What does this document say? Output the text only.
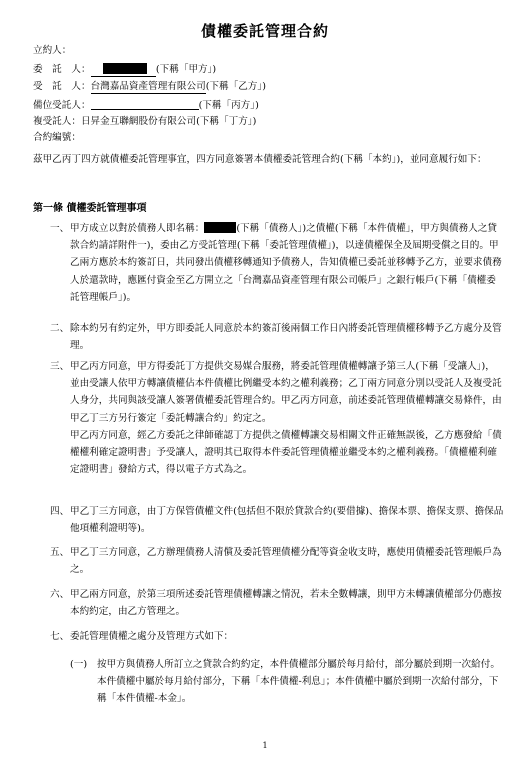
債權委託管理合約
立約人：
委　託　人：	(下稱「甲方」)
受　託　人：台灣嘉品資產管理有限公司(下稱「乙方」)
備位受託人：	(下稱「丙方」)
複受託人：日昇金互聯網股份有限公司(下稱「丁方」)
合約編號：
茲甲乙丙丁四方就債權委託管理事宜，四方同意簽署本債權委託管理合約(下稱「本約」)，並同意履行如下：
第一條 債權委託管理事項
一、 甲方成立以對於債務人即名稱：	(下稱「債務人」)之債權(下稱「本件債權」，甲方與債務人之貸款合約請詳附件一)，委由乙方受託管理(下稱「委託管理債權」)，以達債權保全及屆期受償之目的。甲乙兩方應於本約簽訂日，共同發出債權移轉通知予債務人，告知債權已委託並移轉予乙方，並要求債務人於還款時，應匯付資金至乙方開立之「台灣嘉品資產管理有限公司帳戶」之銀行帳戶(下稱「債權委託管理帳戶」)。
二、 除本約另有約定外，甲方即委託人同意於本約簽訂後兩個工作日內將委託管理債權移轉予乙方處分及管理。
三、 甲乙丙方同意，甲方得委託丁方提供交易媒合服務，將委託管理債權轉讓予第三人(下稱「受讓人」)，並由受讓人依甲方轉讓債權佔本件債權比例繼受本約之權利義務；乙丁兩方同意分別以受託人及複受託人身分，共同與該受讓人簽署債權委託管理合約。甲乙丙方同意，前述委託管理債權轉讓交易條件，由甲乙丁三方另行簽定「委託轉讓合約」約定之。
甲乙丙方同意，經乙方委託之律師確認丁方提供之債權轉讓交易相關文件正確無誤後，乙方應發給「債權權利確定證明書」予受讓人，證明其已取得本件委託管理債權並繼受本約之權利義務。「債權權利確定證明書」發給方式，得以電子方式為之。
四、 甲乙丁三方同意，由丁方保管債權文件(包括但不限於貸款合約(要借據)、擔保本票、擔保支票、擔保品他項權利證明等)。
五、 甲乙丁三方同意，乙方辦理債務人清償及委託管理債權分配等資金收支時，應使用債權委託管理帳戶為之。
六、 甲乙兩方同意，於第三項所述委託管理債權轉讓之情況，若未全數轉讓，則甲方未轉讓債權部分仍應按本約約定，由乙方管理之。
七、 委託管理債權之處分及管理方式如下：
(一) 按甲方與債務人所訂立之貸款合約約定，本件債權部分屬於每月給付，部分屬於到期一次給付。本件債權中屬於每月給付部分，下稱「本件債權-利息」；本件債權中屬於到期一次給付部分，下稱「本件債權-本金」。
1
